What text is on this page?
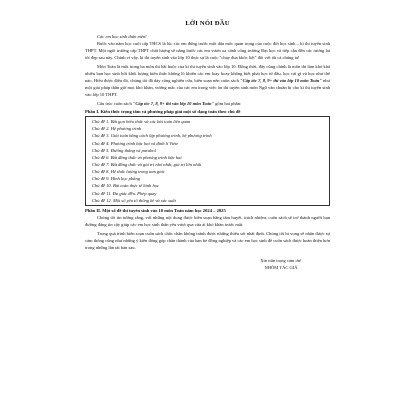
LỜI NÓI ĐẦU

Các em học sinh thân mến!

Bước vào năm học cuối cấp THCS là lúc các em đứng trước một dấu mốc quan trọng của cuộc đời học sinh – kì thi tuyển sinh THPT. Một ngôi trường cấp THPT chất lượng sẽ nâng bước các em vươn xa cánh cổng trường Đại học và tiếp cận đến các tương lai tốt đẹp sau này. Chính vì vậy, kì thi tuyển sinh vào lớp 10 thực sự là cuộc "chạy đua khốc liệt" đối với tất cả chúng ta!

Môn Toán là một trong ba môn thi bắt buộc của kì thi tuyển sinh vào lớp 10. Đồng thời, đây cũng chính là môn thi làm khó khá nhiều bạn học sinh bởi khối lượng kiến thức không lồ khiến các em loay hoay không biết phải học từ đâu, học cái gì và học như thế nào. Hiểu được điều đó, chúng tôi đã dày công nghiên cứu, biên soạn nên cuốn sách "Cấp tốc 7, 8, 9+ thi vào lớp 10 môn Toán" như một giải pháp thần giờ mọi khó khăn, vướng mắc của các em trong việc ôn thi tuyển sinh môn Ngữ văn chuẩn bị cho kì thi tuyển sinh vào lớp 10 THPT.

Cấu trúc cuốn sách "Cấp tốc 7, 8, 9+ thi vào lớp 10 môn Toán" gồm hai phần:

Phần I. Kiến thức trọng tâm và phương pháp giải một số dạng toán theo chủ đề

Chủ đề 1. Bất gọn biểu thức và các bài toán liên quan

Chủ đề 2. Hệ phương trình

Chủ đề 3. Giải toán bằng cách lập phương trình, hệ phương trình

Chủ đề 4. Phương trình bậc hai và định lí Viète

Chủ đề 5. Đường thẳng và parabol

Chủ đề 6. Bất đẳng thức và phương trình bậc hai

Chủ đề 7. Bất đẳng thức và giá trị nhỏ nhất, giá trị lớn nhất

Chủ đề 8. Hệ thức lượng trong tam giác

Chủ đề 9. Hình học phẳng

Chủ đề 10. Bài toán thực tế hình học

Chủ đề 11. Đa giác đều. Phép quay

Chủ đề 12. Một số yếu tố thống kê và xác suất

Phần II. Một số đề thi tuyển sinh vào 10 môn Toán năm học 2024 – 2025

Chúng tôi tin tưởng rằng, với những nội dung được biên soạn bằng tâm huyết, trách nhiệm, cuốn sách sẽ trở thành người bạn đường đáng tin cậy giúp các em học sinh thân yêu vượt qua cửa ải khó khăn trước mắt.

Trong quá trình biên soạn cuốn sách chắc chắn không tránh được những thiếu sót nhất định. Chúng tôi hi vọng sẽ nhận được sự cảm thông cũng như những ý kiến đóng góp chân thành của bạn bè đồng nghiệp và các em học sinh để cuốn sách được hoàn thiện hơn trong những lần tái bản sau.

Xin trân trọng cảm ơn!
NHÓM TÁC GIẢ
